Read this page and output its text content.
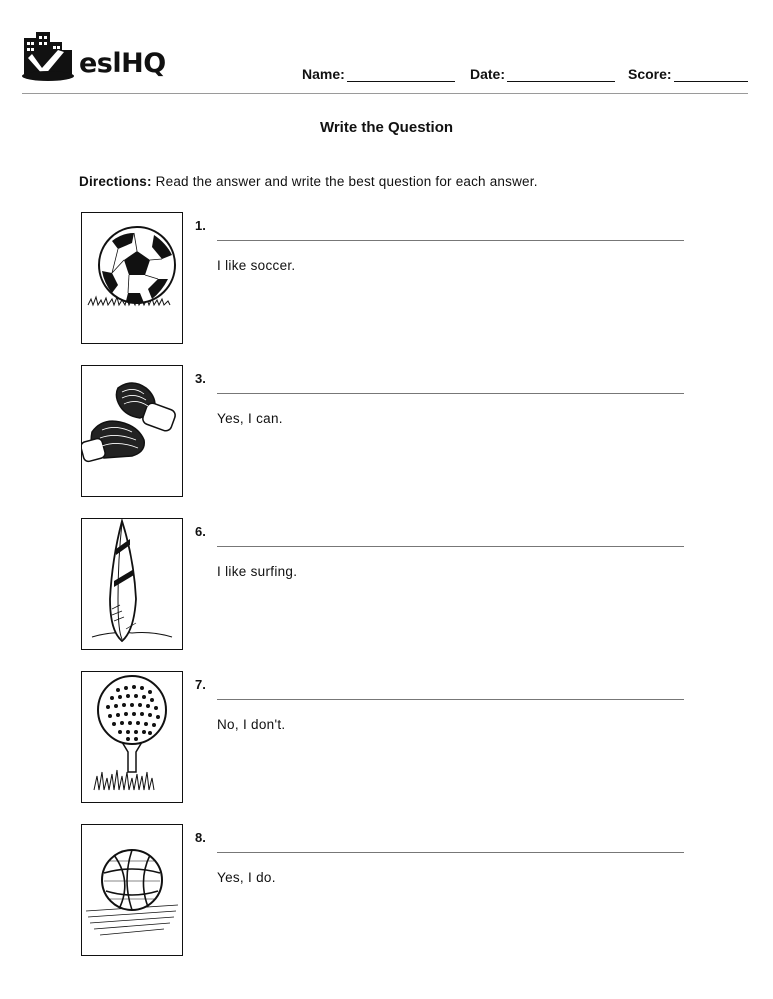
eslHQ	Name:	Date:	Score:
Write the Question
Directions: Read the answer and write the best question for each answer.
1.
I like soccer.
3.
Yes, I can.
6.
I like surfing.
7.
No, I don't.
8.
Yes, I do.
